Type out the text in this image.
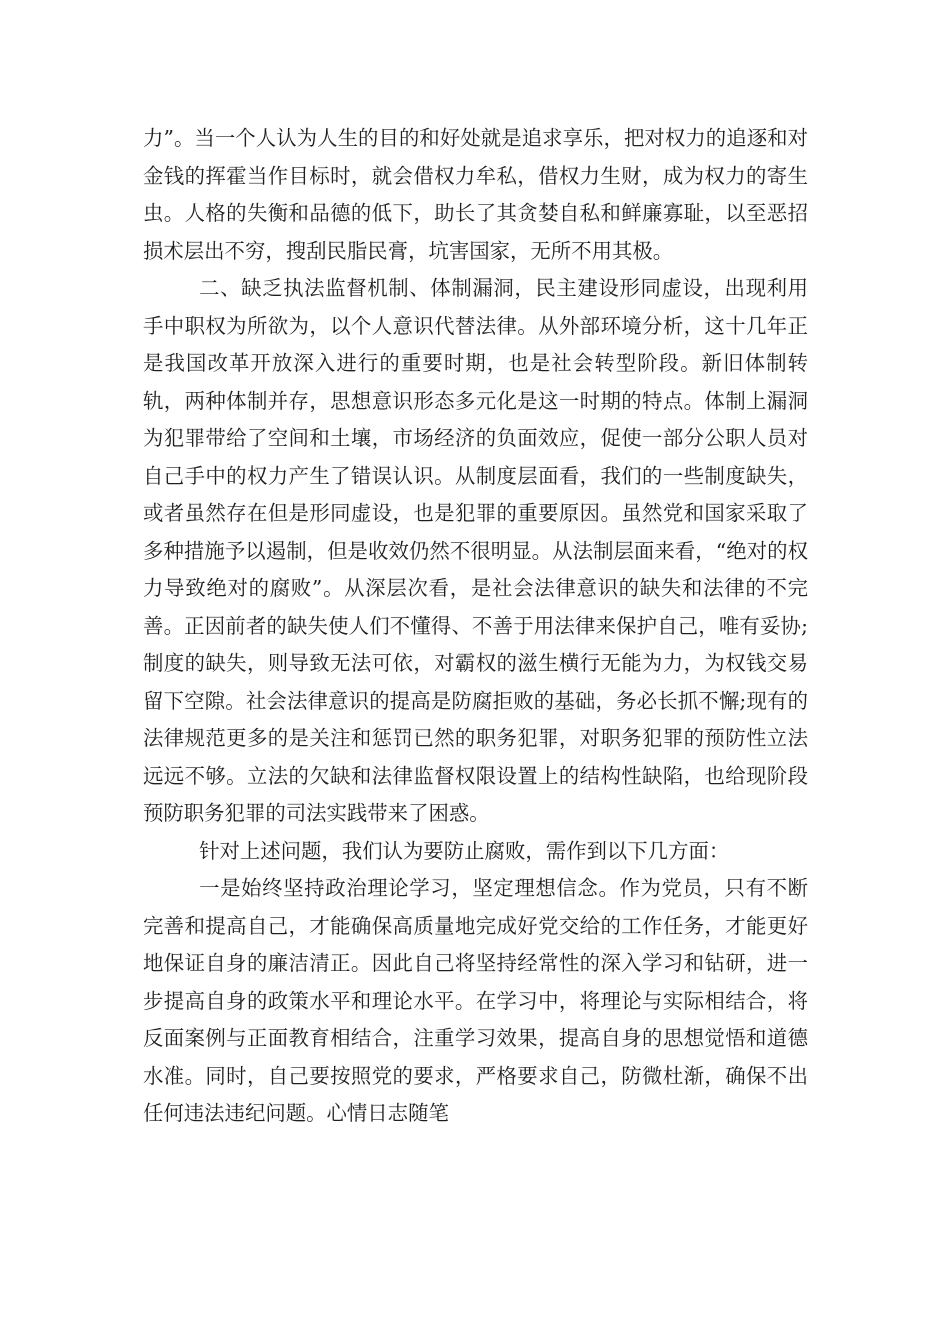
力”。当一个人认为人生的目的和好处就是追求享乐，把对权力的追逐和对金钱的挥霍当作目标时，就会借权力牟私，借权力生财，成为权力的寄生虫。人格的失衡和品德的低下，助长了其贪婪自私和鲜廉寡耻，以至恶招损术层出不穷，搜刮民脂民膏，坑害国家，无所不用其极。

二、缺乏执法监督机制、体制漏洞，民主建设形同虚设，出现利用手中职权为所欲为，以个人意识代替法律。从外部环境分析，这十几年正是我国改革开放深入进行的重要时期，也是社会转型阶段。新旧体制转轨，两种体制并存，思想意识形态多元化是这一时期的特点。体制上漏洞为犯罪带给了空间和土壤，市场经济的负面效应，促使一部分公职人员对自己手中的权力产生了错误认识。从制度层面看，我们的一些制度缺失，或者虽然存在但是形同虚设，也是犯罪的重要原因。虽然党和国家采取了多种措施予以遏制，但是收效仍然不很明显。从法制层面来看，“绝对的权力导致绝对的腐败”。从深层次看，是社会法律意识的缺失和法律的不完善。正因前者的缺失使人们不懂得、不善于用法律来保护自己，唯有妥协;制度的缺失，则导致无法可依，对霸权的滋生横行无能为力，为权钱交易留下空隙。社会法律意识的提高是防腐拒败的基础，务必长抓不懈;现有的法律规范更多的是关注和惩罚已然的职务犯罪，对职务犯罪的预防性立法远远不够。立法的欠缺和法律监督权限设置上的结构性缺陷，也给现阶段预防职务犯罪的司法实践带来了困惑。

针对上述问题，我们认为要防止腐败，需作到以下几方面：

一是始终坚持政治理论学习，坚定理想信念。作为党员，只有不断完善和提高自己，才能确保高质量地完成好党交给的工作任务，才能更好地保证自身的廉洁清正。因此自己将坚持经常性的深入学习和钻研，进一步提高自身的政策水平和理论水平。在学习中，将理论与实际相结合，将反面案例与正面教育相结合，注重学习效果，提高自身的思想觉悟和道德水准。同时，自己要按照党的要求，严格要求自己，防微杜渐，确保不出任何违法违纪问题。心情日志随笔
